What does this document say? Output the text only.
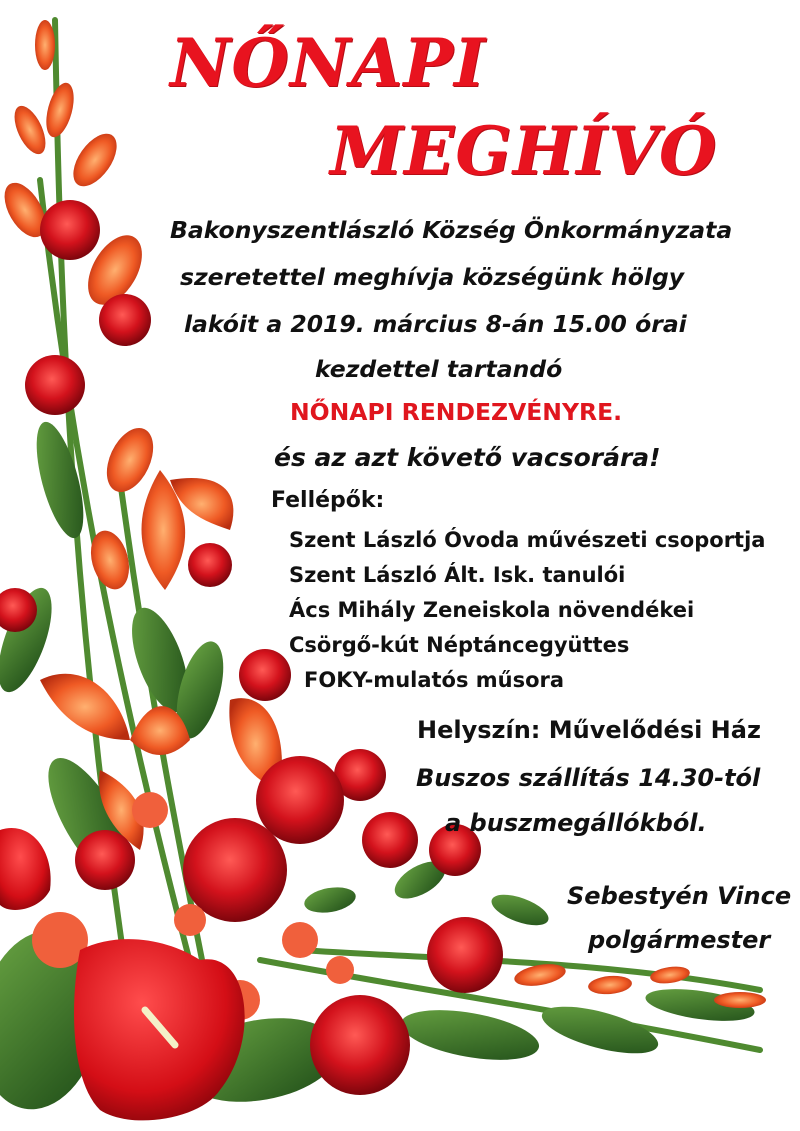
NŐNAPI
MEGHÍVÓ
Bakonyszentlászló Község Önkormányzata
szeretettel meghívja községünk hölgy
lakóit a 2019. március 8-án 15.00 órai
kezdettel tartandó
NŐNAPI RENDEZVÉNYRE.
és az azt követő vacsorára!
Fellépők:
Szent László Óvoda művészeti csoportja
Szent László Ált. Isk. tanulói
Ács Mihály Zeneiskola növendékei
Csörgő-kút Néptáncegyüttes
FOKY-mulatós műsora
Helyszín: Művelődési Ház
Buszos szállítás 14.30-tól
a buszmegállókból.
Sebestyén Vince
polgármester
